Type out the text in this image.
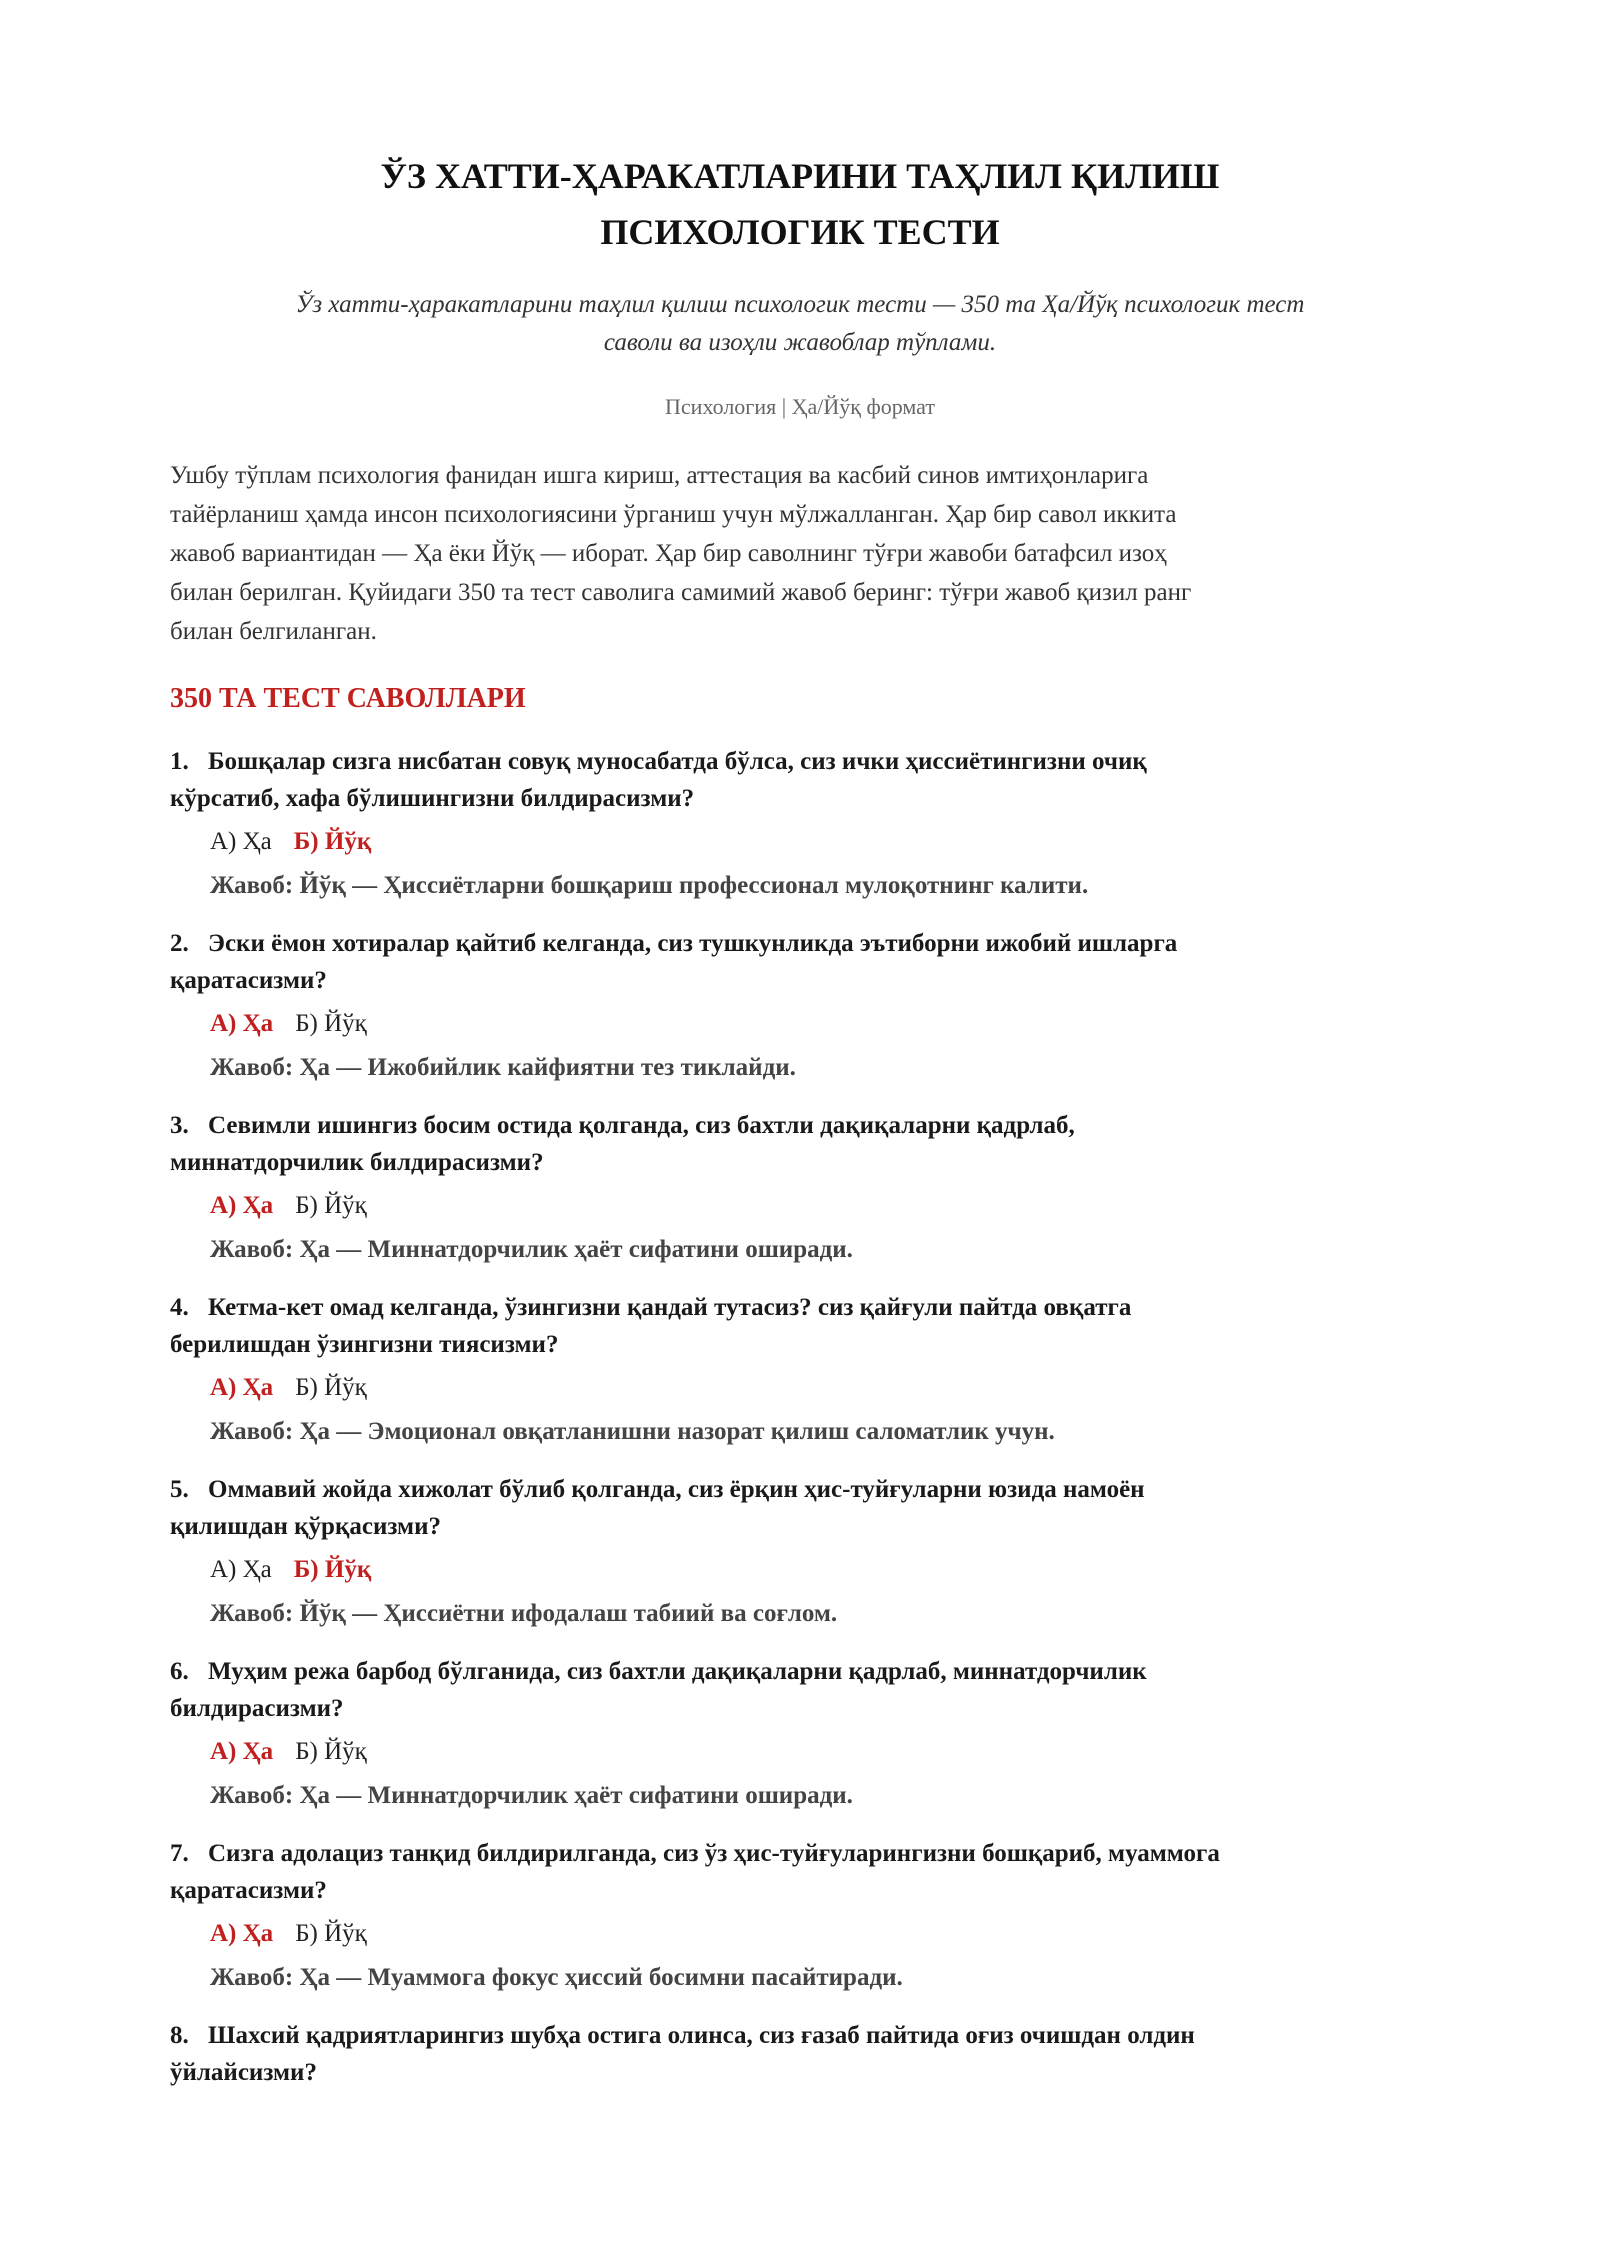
ЎЗ ХАТТИ-ҲАРАКАТЛАРИНИ ТАҲЛИЛ ҚИЛИШ
ПСИХОЛОГИК ТЕСТИ
Ўз хатти-ҳаракатларини таҳлил қилиш психологик тести — 350 та Ҳа/Йўқ психологик тест
саволи ва изоҳли жавоблар тўплами.
Психология | Ҳа/Йўқ формат
Ушбу тўплам психология фанидан ишга кириш, аттестация ва касбий синов имтиҳонларига
тайёрланиш ҳамда инсон психологиясини ўрганиш учун мўлжалланган. Ҳар бир савол иккита
жавоб вариантидан — Ҳа ёки Йўқ — иборат. Ҳар бир саволнинг тўғри жавоби батафсил изоҳ
билан берилган. Қуйидаги 350 та тест саволига самимий жавоб беринг: тўғри жавоб қизил ранг
билан белгиланган.
350 ТА ТЕСТ САВОЛЛАРИ
1. Бошқалар сизга нисбатан совуқ муносабатда бўлса, сиз ички ҳиссиётингизни очиқ
кўрсатиб, хафа бўлишингизни билдирасизми?
А) Ҳа Б) Йўқ
Жавоб: Йўқ — Ҳиссиётларни бошқариш профессионал мулоқотнинг калити.
2. Эски ёмон хотиралар қайтиб келганда, сиз тушкунликда эътиборни ижобий ишларга
қаратасизми?
А) Ҳа Б) Йўқ
Жавоб: Ҳа — Ижобийлик кайфиятни тез тиклайди.
3. Севимли ишингиз босим остида қолганда, сиз бахтли дақиқаларни қадрлаб,
миннатдорчилик билдирасизми?
А) Ҳа Б) Йўқ
Жавоб: Ҳа — Миннатдорчилик ҳаёт сифатини оширади.
4. Кетма-кет омад келганда, ўзингизни қандай тутасиз? сиз қайғули пайтда овқатга
берилишдан ўзингизни тиясизми?
А) Ҳа Б) Йўқ
Жавоб: Ҳа — Эмоционал овқатланишни назорат қилиш саломатлик учун.
5. Оммавий жойда хижолат бўлиб қолганда, сиз ёрқин ҳис-туйғуларни юзида намоён
қилишдан қўрқасизми?
А) Ҳа Б) Йўқ
Жавоб: Йўқ — Ҳиссиётни ифодалаш табиий ва соғлом.
6. Муҳим режа барбод бўлганида, сиз бахтли дақиқаларни қадрлаб, миннатдорчилик
билдирасизми?
А) Ҳа Б) Йўқ
Жавоб: Ҳа — Миннатдорчилик ҳаёт сифатини оширади.
7. Сизга адолациз танқид билдирилганда, сиз ўз ҳис-туйғуларингизни бошқариб, муаммога
қаратасизми?
А) Ҳа Б) Йўқ
Жавоб: Ҳа — Муаммога фокус ҳиссий босимни пасайтиради.
8. Шахсий қадриятларингиз шубҳа остига олинса, сиз ғазаб пайтида оғиз очишдан олдин
ўйлайсизми?
